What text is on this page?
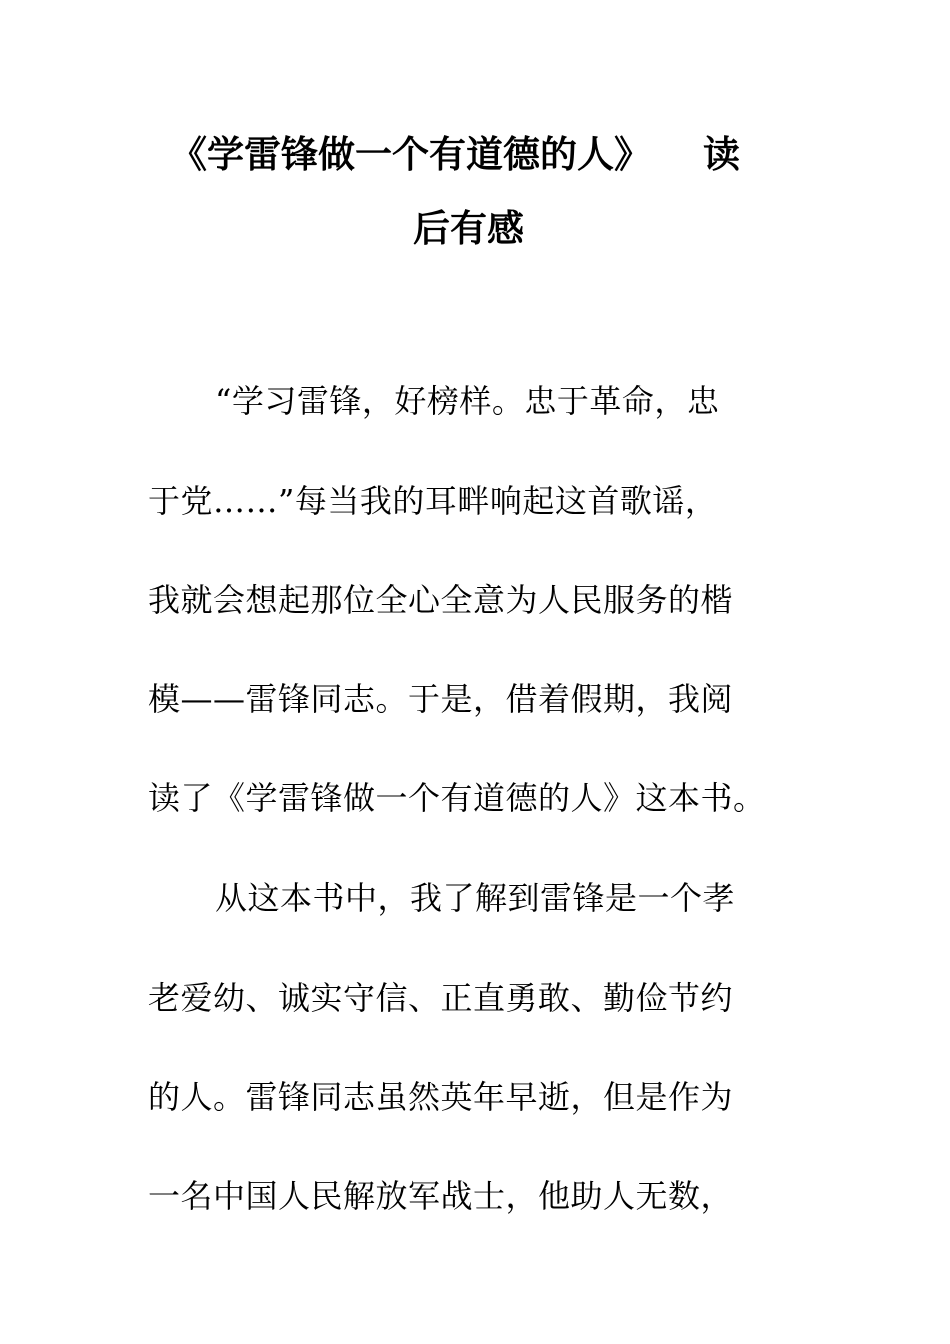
《学雷锋做一个有道德的人》 读
后有感
“学习雷锋，好榜样。忠于革命，忠
于党……”每当我的耳畔响起这首歌谣，
我就会想起那位全心全意为人民服务的楷
模——雷锋同志。于是，借着假期，我阅
读了《学雷锋做一个有道德的人》这本书。
从这本书中，我了解到雷锋是一个孝
老爱幼、诚实守信、正直勇敢、勤俭节约
的人。雷锋同志虽然英年早逝，但是作为
一名中国人民解放军战士，他助人无数，
